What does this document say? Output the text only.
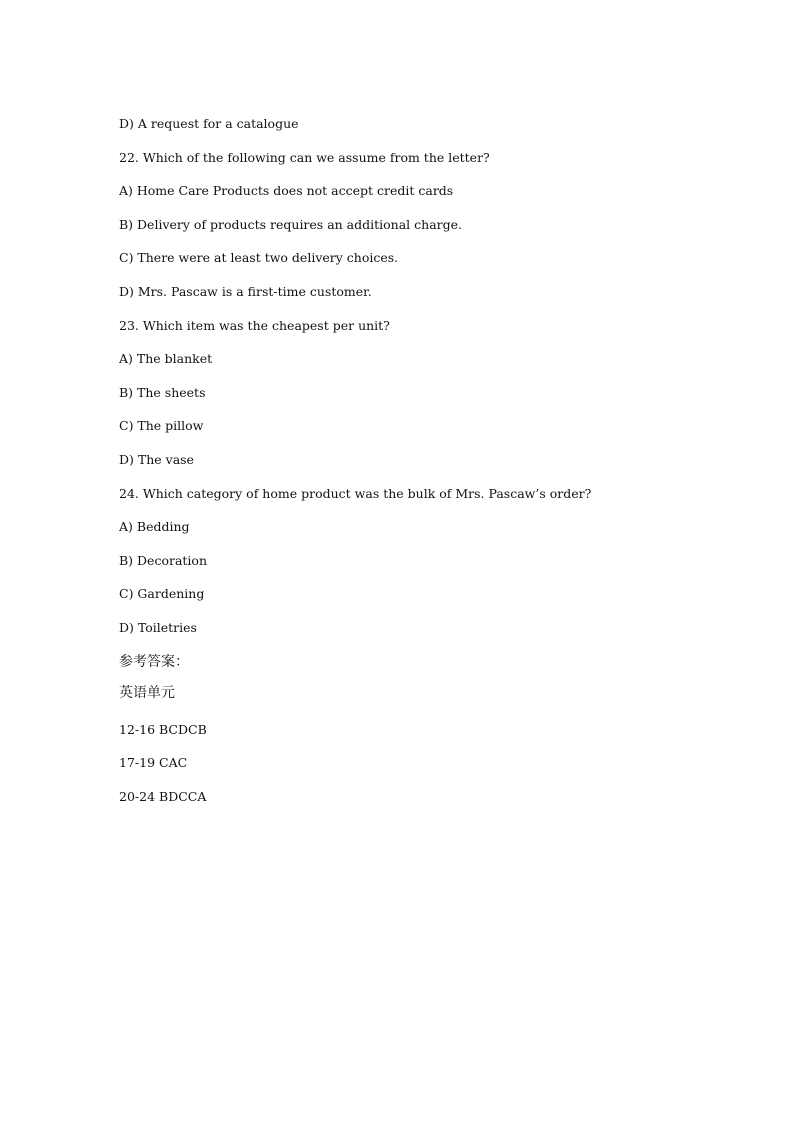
D) A request for a catalogue

22. Which of the following can we assume from the letter?

A) Home Care Products does not accept credit cards

B) Delivery of products requires an additional charge.

C) There were at least two delivery choices.

D) Mrs. Pascaw is a first-time customer.

23. Which item was the cheapest per unit?

A) The blanket

B) The sheets

C) The pillow

D) The vase

24. Which category of home product was the bulk of Mrs. Pascaw’s order?

A) Bedding

B) Decoration

C) Gardening

D) Toiletries

参考答案：

英语单元

12-16 BCDCB

17-19 CAC

20-24 BDCCA
